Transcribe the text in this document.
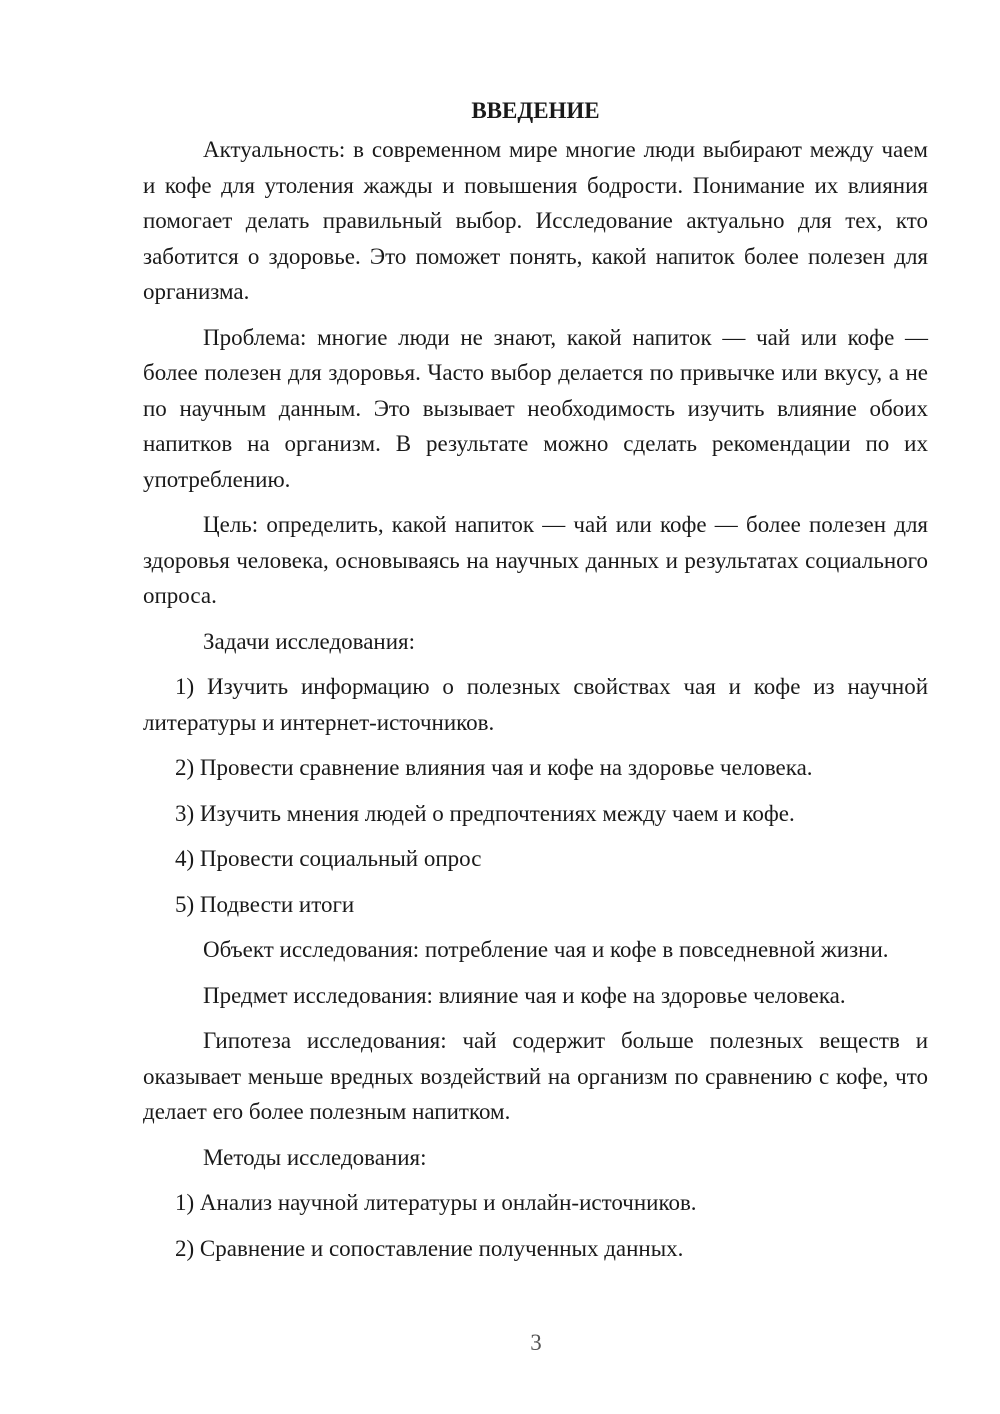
ВВЕДЕНИЕ

Актуальность: в современном мире многие люди выбирают между чаем и кофе для утоления жажды и повышения бодрости. Понимание их влияния помогает делать правильный выбор. Исследование актуально для тех, кто заботится о здоровье. Это поможет понять, какой напиток более полезен для организма.

Проблема: многие люди не знают, какой напиток — чай или кофе — более полезен для здоровья. Часто выбор делается по привычке или вкусу, а не по научным данным. Это вызывает необходимость изучить влияние обоих напитков на организм. В результате можно сделать рекомендации по их употреблению.

Цель: определить, какой напиток — чай или кофе — более полезен для здоровья человека, основываясь на научных данных и результатах социального опроса.

Задачи исследования:

1) Изучить информацию о полезных свойствах чая и кофе из научной литературы и интернет-источников.

2) Провести сравнение влияния чая и кофе на здоровье человека.

3) Изучить мнения людей о предпочтениях между чаем и кофе.

4) Провести социальный опрос

5) Подвести итоги

Объект исследования: потребление чая и кофе в повседневной жизни.

Предмет исследования: влияние чая и кофе на здоровье человека.

Гипотеза исследования: чай содержит больше полезных веществ и оказывает меньше вредных воздействий на организм по сравнению с кофе, что делает его более полезным напитком.

Методы исследования:

1) Анализ научной литературы и онлайн-источников.

2) Сравнение и сопоставление полученных данных.

3
